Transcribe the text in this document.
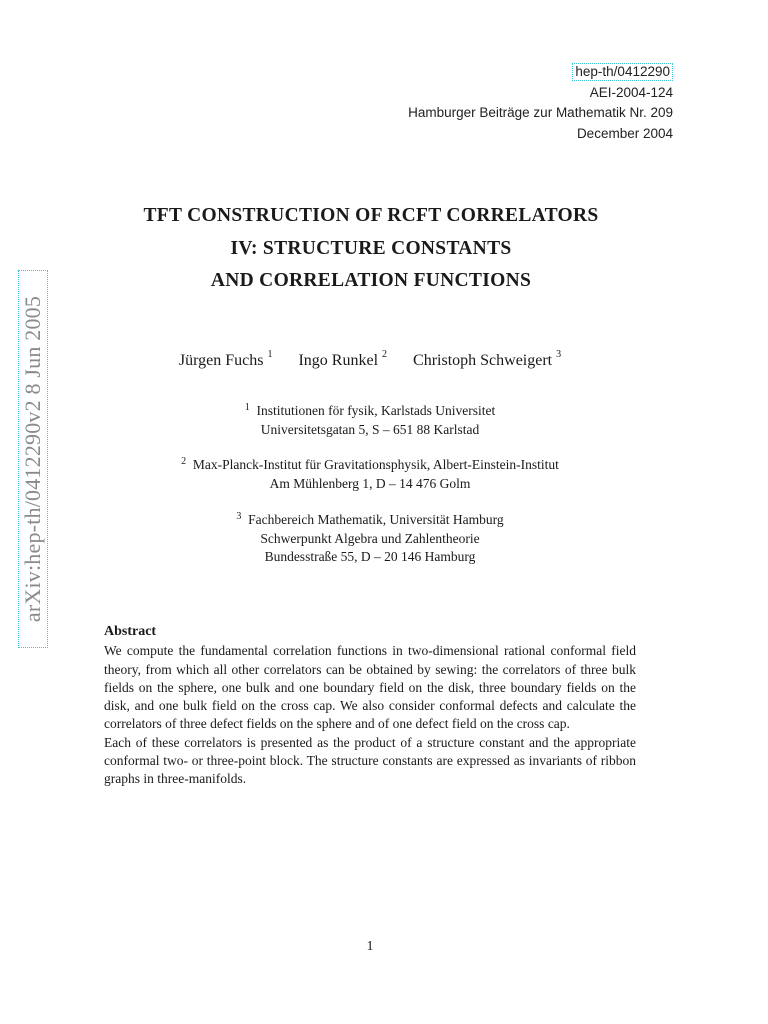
hep-th/0412290
AEI-2004-124
Hamburger Beiträge zur Mathematik Nr. 209
December 2004
arXiv:hep-th/0412290v2 8 Jun 2005
TFT CONSTRUCTION OF RCFT CORRELATORS
IV: STRUCTURE CONSTANTS
AND CORRELATION FUNCTIONS
Jürgen Fuchs $^1$ Ingo Runkel $^2$ Christoph Schweigert $^3$
$^1$ Institutionen för fysik, Karlstads Universitet
Universitetsgatan 5, S – 651 88 Karlstad
$^2$ Max-Planck-Institut für Gravitationsphysik, Albert-Einstein-Institut
Am Mühlenberg 1, D – 14 476 Golm
$^3$ Fachbereich Mathematik, Universität Hamburg
Schwerpunkt Algebra und Zahlentheorie
Bundesstraße 55, D – 20 146 Hamburg
Abstract

We compute the fundamental correlation functions in two-dimensional rational conformal field theory, from which all other correlators can be obtained by sewing: the correlators of three bulk fields on the sphere, one bulk and one boundary field on the disk, three boundary fields on the disk, and one bulk field on the cross cap. We also consider conformal defects and calculate the correlators of three defect fields on the sphere and of one defect field on the cross cap.

Each of these correlators is presented as the product of a structure constant and the appropriate conformal two- or three-point block. The structure constants are expressed as invariants of ribbon graphs in three-manifolds.

1
